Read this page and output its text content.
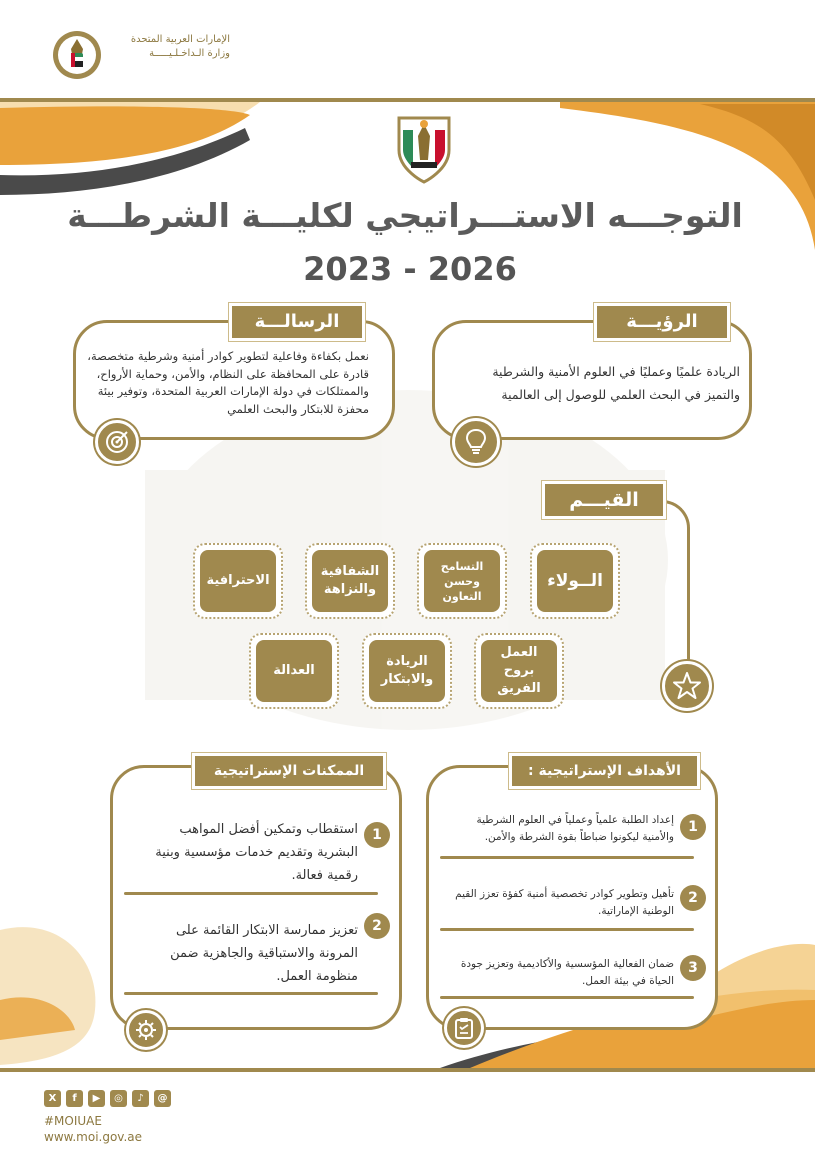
الإمارات العربية المتحدة
وزارة الـداخـلـيـــــة
التوجـــه الاستـــراتيجي لكليـــة الشرطـــة
2023 - 2026
الرسالـــة
نعمل بكفاءة وفاعلية لتطوير كوادر أمنية وشرطية متخصصة، قادرة على المحافظة على النظام، والأمن، وحماية الأرواح، والممتلكات في دولة الإمارات العربية المتحدة، وتوفير بيئة محفزة للابتكار والبحث العلمي
الرؤيـــة
الريادة علميًا وعمليًا في العلوم الأمنية والشرطية والتميز في البحث العلمي للوصول إلى العالمية
القيـــم
الــولاء
التسامح وحسن التعاون
الشفافية والنزاهة
الاحترافية
العمل بروح الفريق
الريادة والابتكار
العدالة
الممكنات الإستراتيجية
استقطاب وتمكين أفضل المواهب البشرية وتقديم خدمات مؤسسية وبنية رقمية فعالة.
1
تعزيز ممارسة الابتكار القائمة على المرونة والاستباقية والجاهزية ضمن منظومة العمل.
2
الأهداف الإستراتيجية :
إعداد الطلبة علمياً وعملياً في العلوم الشرطية والأمنية ليكونوا ضباطاً بقوة الشرطة والأمن.
1
تأهيل وتطوير كوادر تخصصية أمنية كفؤة تعزز القيم الوطنية الإماراتية.
2
ضمان الفعالية المؤسسية والأكاديمية وتعزيز جودة الحياة في بيئة العمل.
3
X	f	▶	◎	♪	@
#MOIUAE
www.moi.gov.ae
